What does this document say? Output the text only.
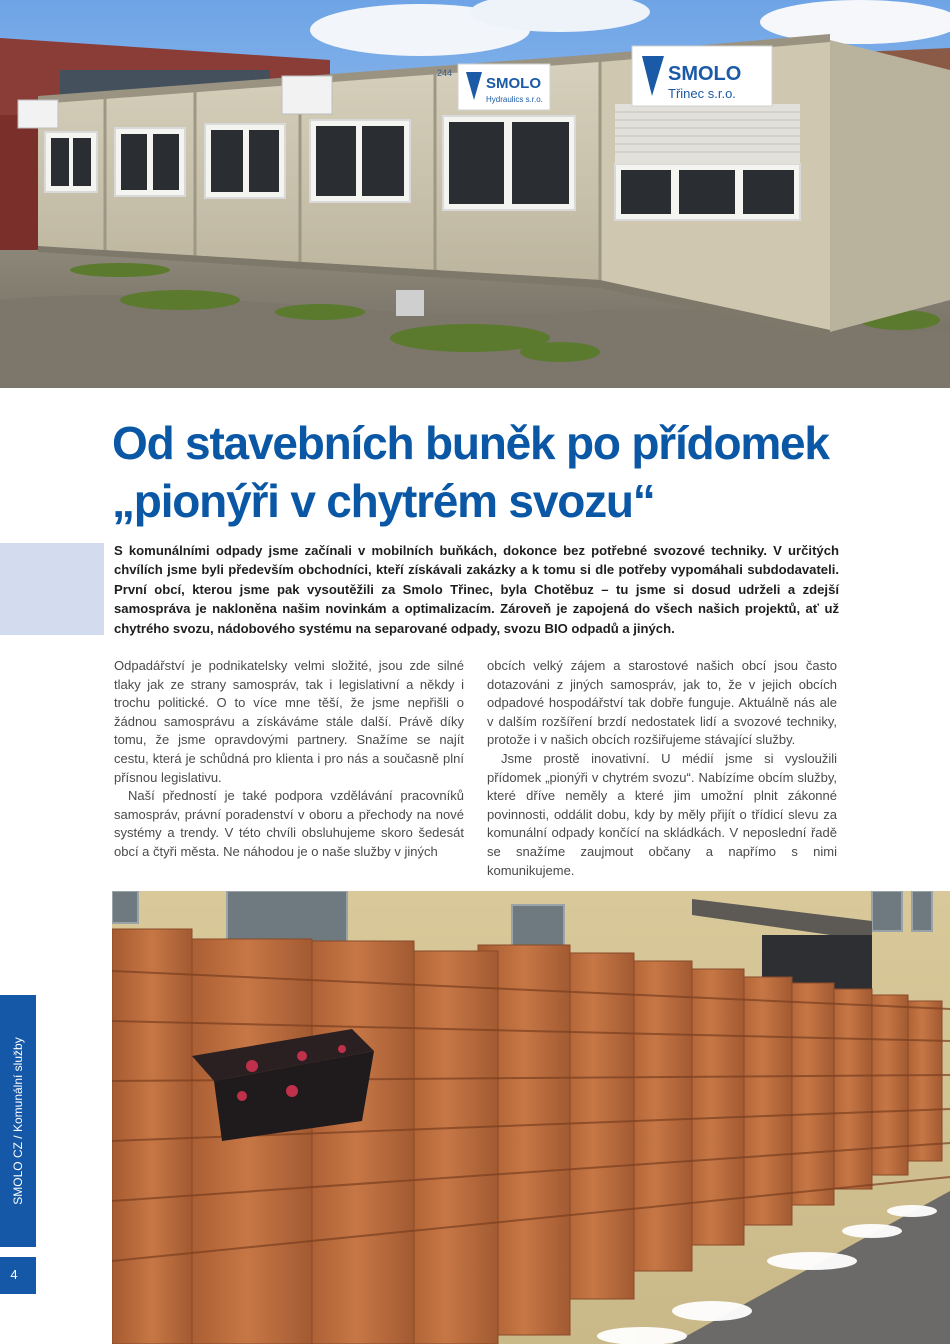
SMOLO
Hydraulics s.r.o.
SMOLO
Třinec s.r.o.
244
Od stavebních buněk po přídomek
„pionýři v chytrém svozu“

S komunálními odpady jsme začínali v mobilních buňkách, dokonce bez potřebné svozové techniky. V určitých chvílích jsme byli především obchodníci, kteří získávali zakázky a k tomu si dle potřeby vypomáhali subdodavateli. První obcí, kterou jsme pak vysoutěžili za Smolo Třinec, byla Chotěbuz – tu jsme si dosud udrželi a zdejší samospráva je nakloněna našim novinkám a optimalizacím. Zároveň je zapojená do všech našich projektů, ať už chytrého svozu, nádobového systému na separované odpady, svozu BIO odpadů a jiných.

Odpadářství je podnikatelsky velmi složité, jsou zde silné tlaky jak ze strany samospráv, tak i legislativní a někdy i trochu politické. O to více mne těší, že jsme nepřišli o žádnou samosprávu a získáváme stále další. Právě díky tomu, že jsme opravdovými partnery. Snažíme se najít cestu, která je schůdná pro klienta i pro nás a současně plní přísnou legislativu.

Naší předností je také podpora vzdělávání pracovníků samospráv, právní poradenství v oboru a přechody na nové systémy a trendy. V této chvíli obsluhujeme skoro šedesát obcí a čtyři města. Ne náhodou je o naše služby v jiných

obcích velký zájem a starostové našich obcí jsou často dotazováni z jiných samospráv, jak to, že v jejich obcích odpadové hospodářství tak dobře funguje. Aktuálně nás ale v dalším rozšíření brzdí nedostatek lidí a svozové techniky, protože i v našich obcích rozšiřujeme stávající služby.

Jsme prostě inovativní. U médií jsme si vysloužili přídomek „pionýři v chytrém svozu“. Nabízíme obcím služby, které dříve neměly a které jim umožní plnit zákonné povinnosti, oddálit dobu, kdy by měly přijít o třídicí slevu za komunální odpady končící na skládkách. V neposlední řadě se snažíme zaujmout občany a napřímo s nimi komunikujeme.

SMOLO CZ / Komunální služby
4
